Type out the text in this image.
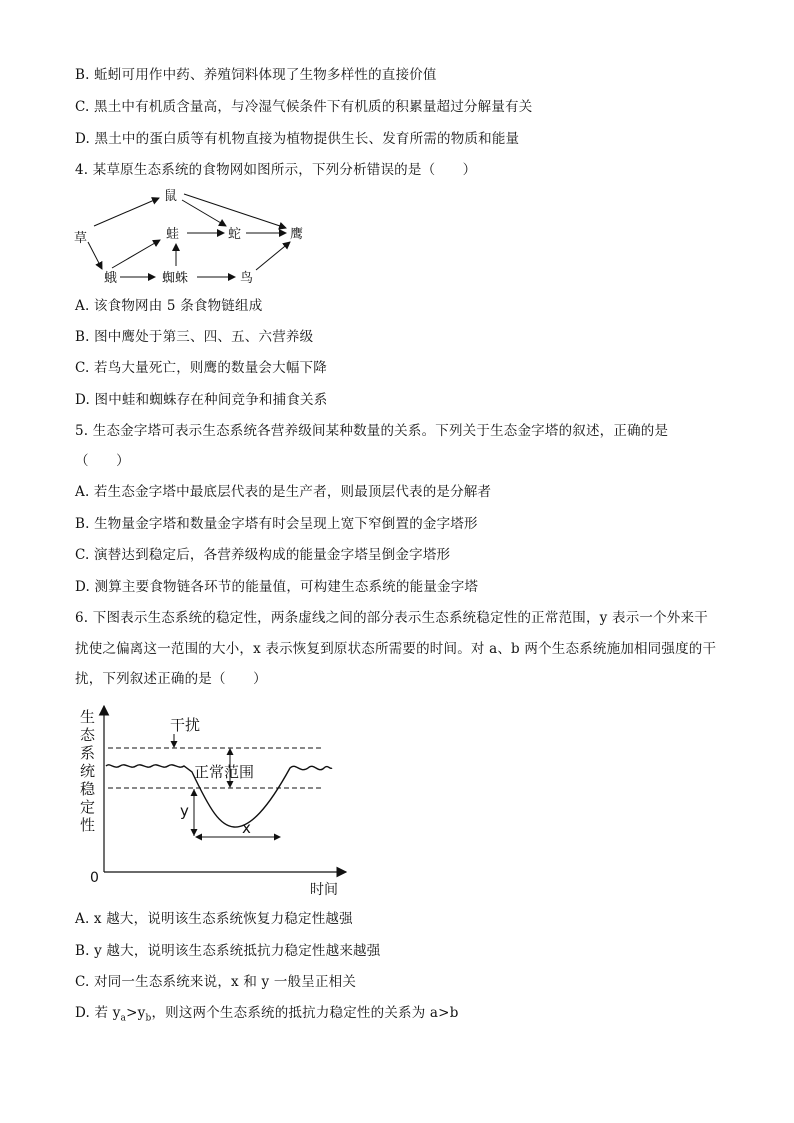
B. 蚯蚓可用作中药、养殖饲料体现了生物多样性的直接价值
C. 黑土中有机质含量高，与冷湿气候条件下有机质的积累量超过分解量有关
D. 黑土中的蛋白质等有机物直接为植物提供生长、发育所需的物质和能量
4. 某草原生态系统的食物网如图所示，下列分析错误的是（　　）
草
鼠
蛙	蛇	鹰
蛾	蜘蛛	鸟
A. 该食物网由 5 条食物链组成
B. 图中鹰处于第三、四、五、六营养级
C. 若鸟大量死亡，则鹰的数量会大幅下降
D. 图中蛙和蜘蛛存在种间竞争和捕食关系
5. 生态金字塔可表示生态系统各营养级间某种数量的关系。下列关于生态金字塔的叙述，正确的是
（　　）
A. 若生态金字塔中最底层代表的是生产者，则最顶层代表的是分解者
B. 生物量金字塔和数量金字塔有时会呈现上宽下窄倒置的金字塔形
C. 演替达到稳定后，各营养级构成的能量金字塔呈倒金字塔形
D. 测算主要食物链各环节的能量值，可构建生态系统的能量金字塔
6. 下图表示生态系统的稳定性，两条虚线之间的部分表示生态系统稳定性的正常范围，y 表示一个外来干
扰使之偏离这一范围的大小，x 表示恢复到原状态所需要的时间。对 a、b 两个生态系统施加相同强度的干
扰，下列叙述正确的是（　　）
生
态
系
统
稳
定
性
0
时间
干扰
正常范围
y
x
A. x 越大，说明该生态系统恢复力稳定性越强
B. y 越大，说明该生态系统抵抗力稳定性越来越强
C. 对同一生态系统来说，x 和 y 一般呈正相关
D. 若 $y_a>y_b$，则这两个生态系统的抵抗力稳定性的关系为 a>b
